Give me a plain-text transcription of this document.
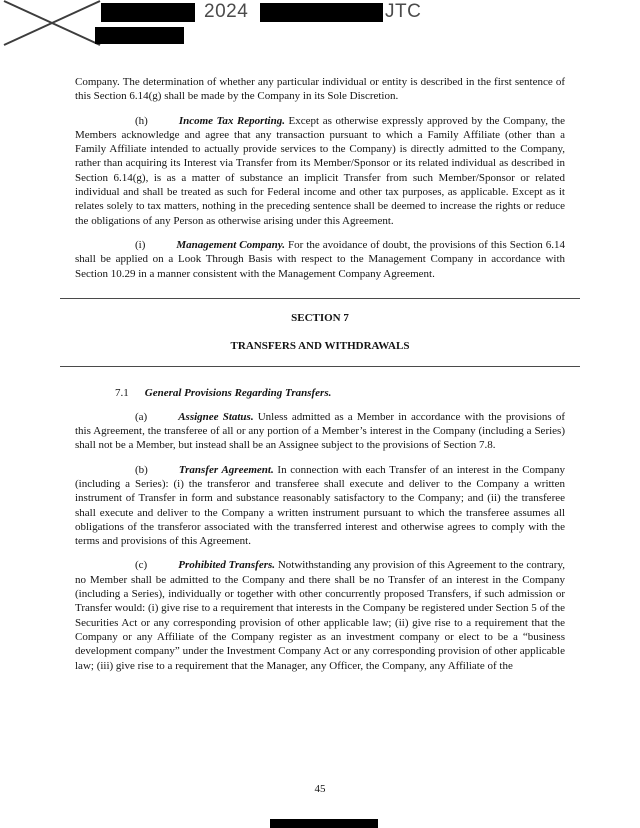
2024	JTC

Company. The determination of whether any particular individual or entity is described in the first sentence of this Section 6.14(g) shall be made by the Company in its Sole Discretion.

(h)	Income Tax Reporting. Except as otherwise expressly approved by the Company, the Members acknowledge and agree that any transaction pursuant to which a Family Affiliate (other than a Family Affiliate intended to actually provide services to the Company) is directly admitted to the Company, rather than acquiring its Interest via Transfer from its Member/Sponsor or its related individual as described in Section 6.14(g), is as a matter of substance an implicit Transfer from such Member/Sponsor or related individual and shall be treated as such for Federal income and other tax purposes, as applicable. Except as it relates solely to tax matters, nothing in the preceding sentence shall be deemed to increase the rights or reduce the obligations of any Person as otherwise arising under this Agreement.

(i)	Management Company. For the avoidance of doubt, the provisions of this Section 6.14 shall be applied on a Look Through Basis with respect to the Management Company in accordance with Section 10.29 in a manner consistent with the Management Company Agreement.

SECTION 7
TRANSFERS AND WITHDRAWALS

7.1 General Provisions Regarding Transfers.

(a)	Assignee Status. Unless admitted as a Member in accordance with the provisions of this Agreement, the transferee of all or any portion of a Member’s interest in the Company (including a Series) shall not be a Member, but instead shall be an Assignee subject to the provisions of Section 7.8.

(b)	Transfer Agreement. In connection with each Transfer of an interest in the Company (including a Series): (i) the transferor and transferee shall execute and deliver to the Company a written instrument of Transfer in form and substance reasonably satisfactory to the Company; and (ii) the transferee shall execute and deliver to the Company a written instrument pursuant to which the transferee assumes all obligations of the transferor associated with the transferred interest and otherwise agrees to comply with the terms and provisions of this Agreement.

(c)	Prohibited Transfers. Notwithstanding any provision of this Agreement to the contrary, no Member shall be admitted to the Company and there shall be no Transfer of an interest in the Company (including a Series), individually or together with other concurrently proposed Transfers, if such admission or Transfer would: (i) give rise to a requirement that interests in the Company be registered under Section 5 of the Securities Act or any corresponding provision of other applicable law; (ii) give rise to a requirement that the Company or any Affiliate of the Company register as an investment company or elect to be a “business development company” under the Investment Company Act or any corresponding provision of other applicable law; (iii) give rise to a requirement that the Manager, any Officer, the Company, any Affiliate of the

45
